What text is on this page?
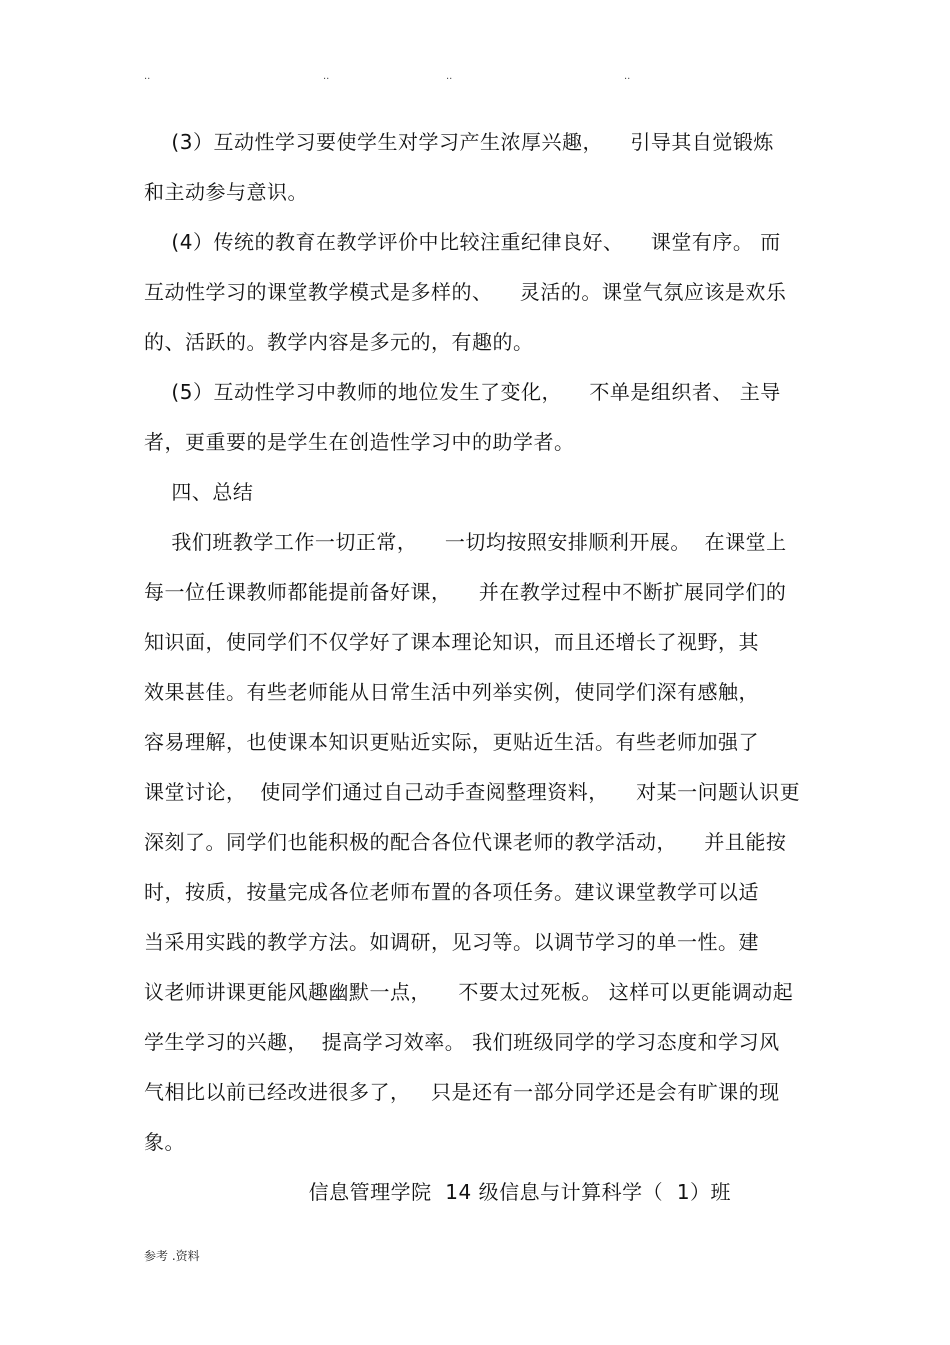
..	..	..	..
(3）互动性学习要使学生对学习产生浓厚兴趣，    引导其自觉锻炼
和主动参与意识。
(4）传统的教育在教学评价中比较注重纪律良好、    课堂有序。 而
互动性学习的课堂教学模式是多样的、    灵活的。课堂气氛应该是欢乐
的、活跃的。教学内容是多元的，有趣的。
(5）互动性学习中教师的地位发生了变化，    不单是组织者、 主导
者，更重要的是学生在创造性学习中的助学者。
四、总结
我们班教学工作一切正常，    一切均按照安排顺利开展。  在课堂上
每一位任课教师都能提前备好课，    并在教学过程中不断扩展同学们的
知识面，使同学们不仅学好了课本理论知识，而且还增长了视野，其
效果甚佳。有些老师能从日常生活中列举实例，使同学们深有感触，
容易理解，也使课本知识更贴近实际，更贴近生活。有些老师加强了
课堂讨论，  使同学们通过自己动手查阅整理资料，    对某一问题认识更
深刻了。同学们也能积极的配合各位代课老师的教学活动，    并且能按
时，按质，按量完成各位老师布置的各项任务。建议课堂教学可以适
当采用实践的教学方法。如调研，见习等。以调节学习的单一性。建
议老师讲课更能风趣幽默一点，    不要太过死板。 这样可以更能调动起
学生学习的兴趣，  提高学习效率。 我们班级同学的学习态度和学习风
气相比以前已经改进很多了，   只是还有一部分同学还是会有旷课的现
象。
信息管理学院  14 级信息与计算科学（  1）班
参考 .资料
